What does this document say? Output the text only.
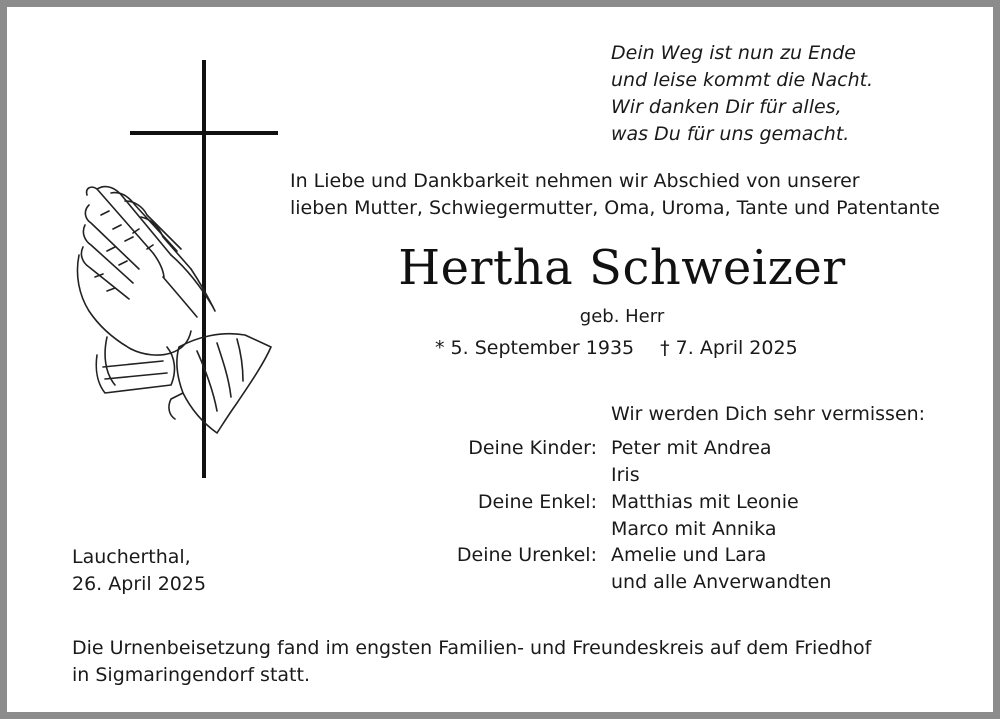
Dein Weg ist nun zu Ende
und leise kommt die Nacht.
Wir danken Dir für alles,
was Du für uns gemacht.
In Liebe und Dankbarkeit nehmen wir Abschied von unserer
lieben Mutter, Schwiegermutter, Oma, Uroma, Tante und Patentante
Hertha Schweizer
geb. Herr
* 5. September 1935 † 7. April 2025
Wir werden Dich sehr vermissen:
Deine Kinder: Peter mit Andrea
Iris
Deine Enkel: Matthias mit Leonie
Marco mit Annika
Deine Urenkel: Amelie und Lara
und alle Anverwandten
Laucherthal,
26. April 2025
Die Urnenbeisetzung fand im engsten Familien- und Freundeskreis auf dem Friedhof
in Sigmaringendorf statt.
